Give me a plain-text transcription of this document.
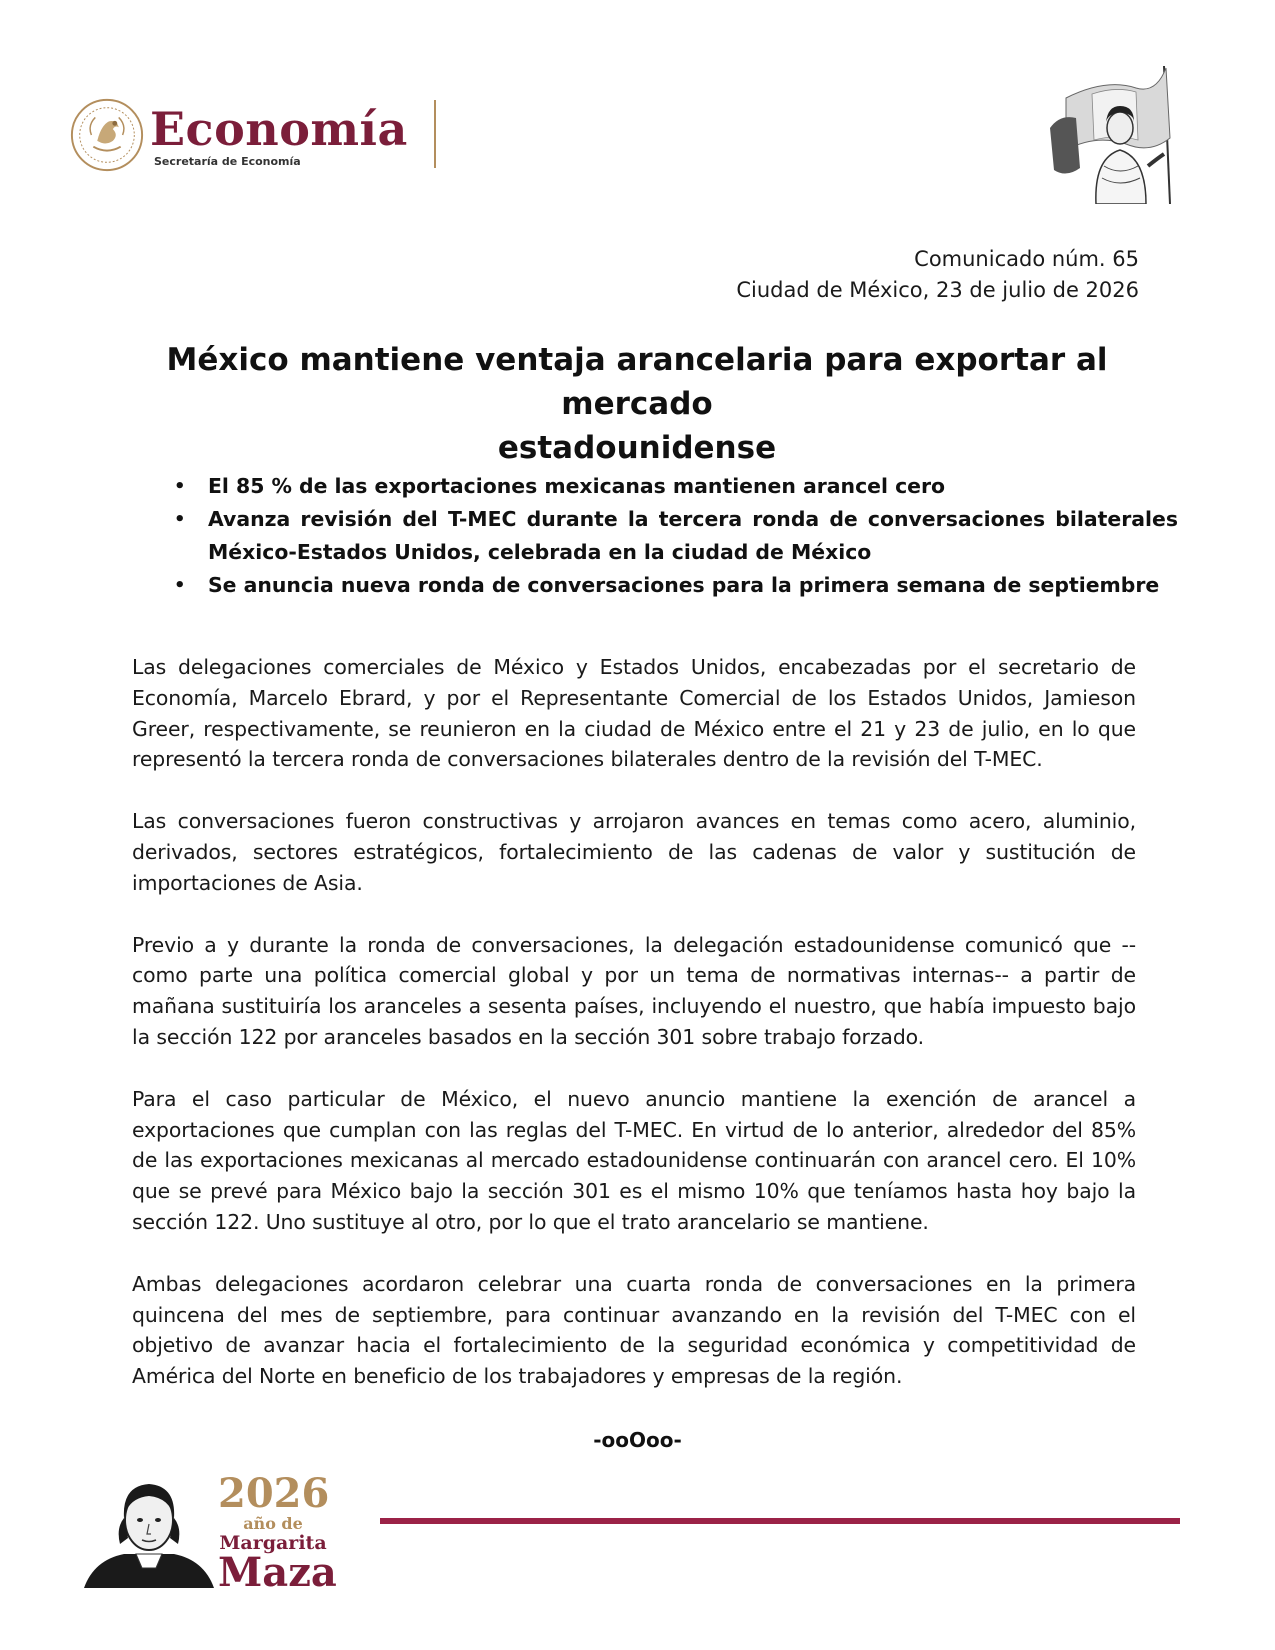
Economía
Secretaría de Economía
Comunicado núm. 65
Ciudad de México, 23 de julio de 2026
México mantiene ventaja arancelaria para exportar al mercado
estadounidense
• El 85 % de las exportaciones mexicanas mantienen arancel cero
• Avanza revisión del T-MEC durante la tercera ronda de conversaciones bilaterales México-Estados Unidos, celebrada en la ciudad de México
• Se anuncia nueva ronda de conversaciones para la primera semana de septiembre

Las delegaciones comerciales de México y Estados Unidos, encabezadas por el secretario de Economía, Marcelo Ebrard, y por el Representante Comercial de los Estados Unidos, Jamieson Greer, respectivamente, se reunieron en la ciudad de México entre el 21 y 23 de julio, en lo que representó la tercera ronda de conversaciones bilaterales dentro de la revisión del T-MEC.

Las conversaciones fueron constructivas y arrojaron avances en temas como acero, aluminio, derivados, sectores estratégicos, fortalecimiento de las cadenas de valor y sustitución de importaciones de Asia.

Previo a y durante la ronda de conversaciones, la delegación estadounidense comunicó que --como parte una política comercial global y por un tema de normativas internas-- a partir de mañana sustituiría los aranceles a sesenta países, incluyendo el nuestro, que había impuesto bajo la sección 122 por aranceles basados en la sección 301 sobre trabajo forzado.

Para el caso particular de México, el nuevo anuncio mantiene la exención de arancel a exportaciones que cumplan con las reglas del T-MEC. En virtud de lo anterior, alrededor del 85% de las exportaciones mexicanas al mercado estadounidense continuarán con arancel cero. El 10% que se prevé para México bajo la sección 301 es el mismo 10% que teníamos hasta hoy bajo la sección 122. Uno sustituye al otro, por lo que el trato arancelario se mantiene.

Ambas delegaciones acordaron celebrar una cuarta ronda de conversaciones en la primera quincena del mes de septiembre, para continuar avanzando en la revisión del T-MEC con el objetivo de avanzar hacia el fortalecimiento de la seguridad económica y competitividad de América del Norte en beneficio de los trabajadores y empresas de la región.

-ooOoo-
2026
año de
Margarita
Maza
